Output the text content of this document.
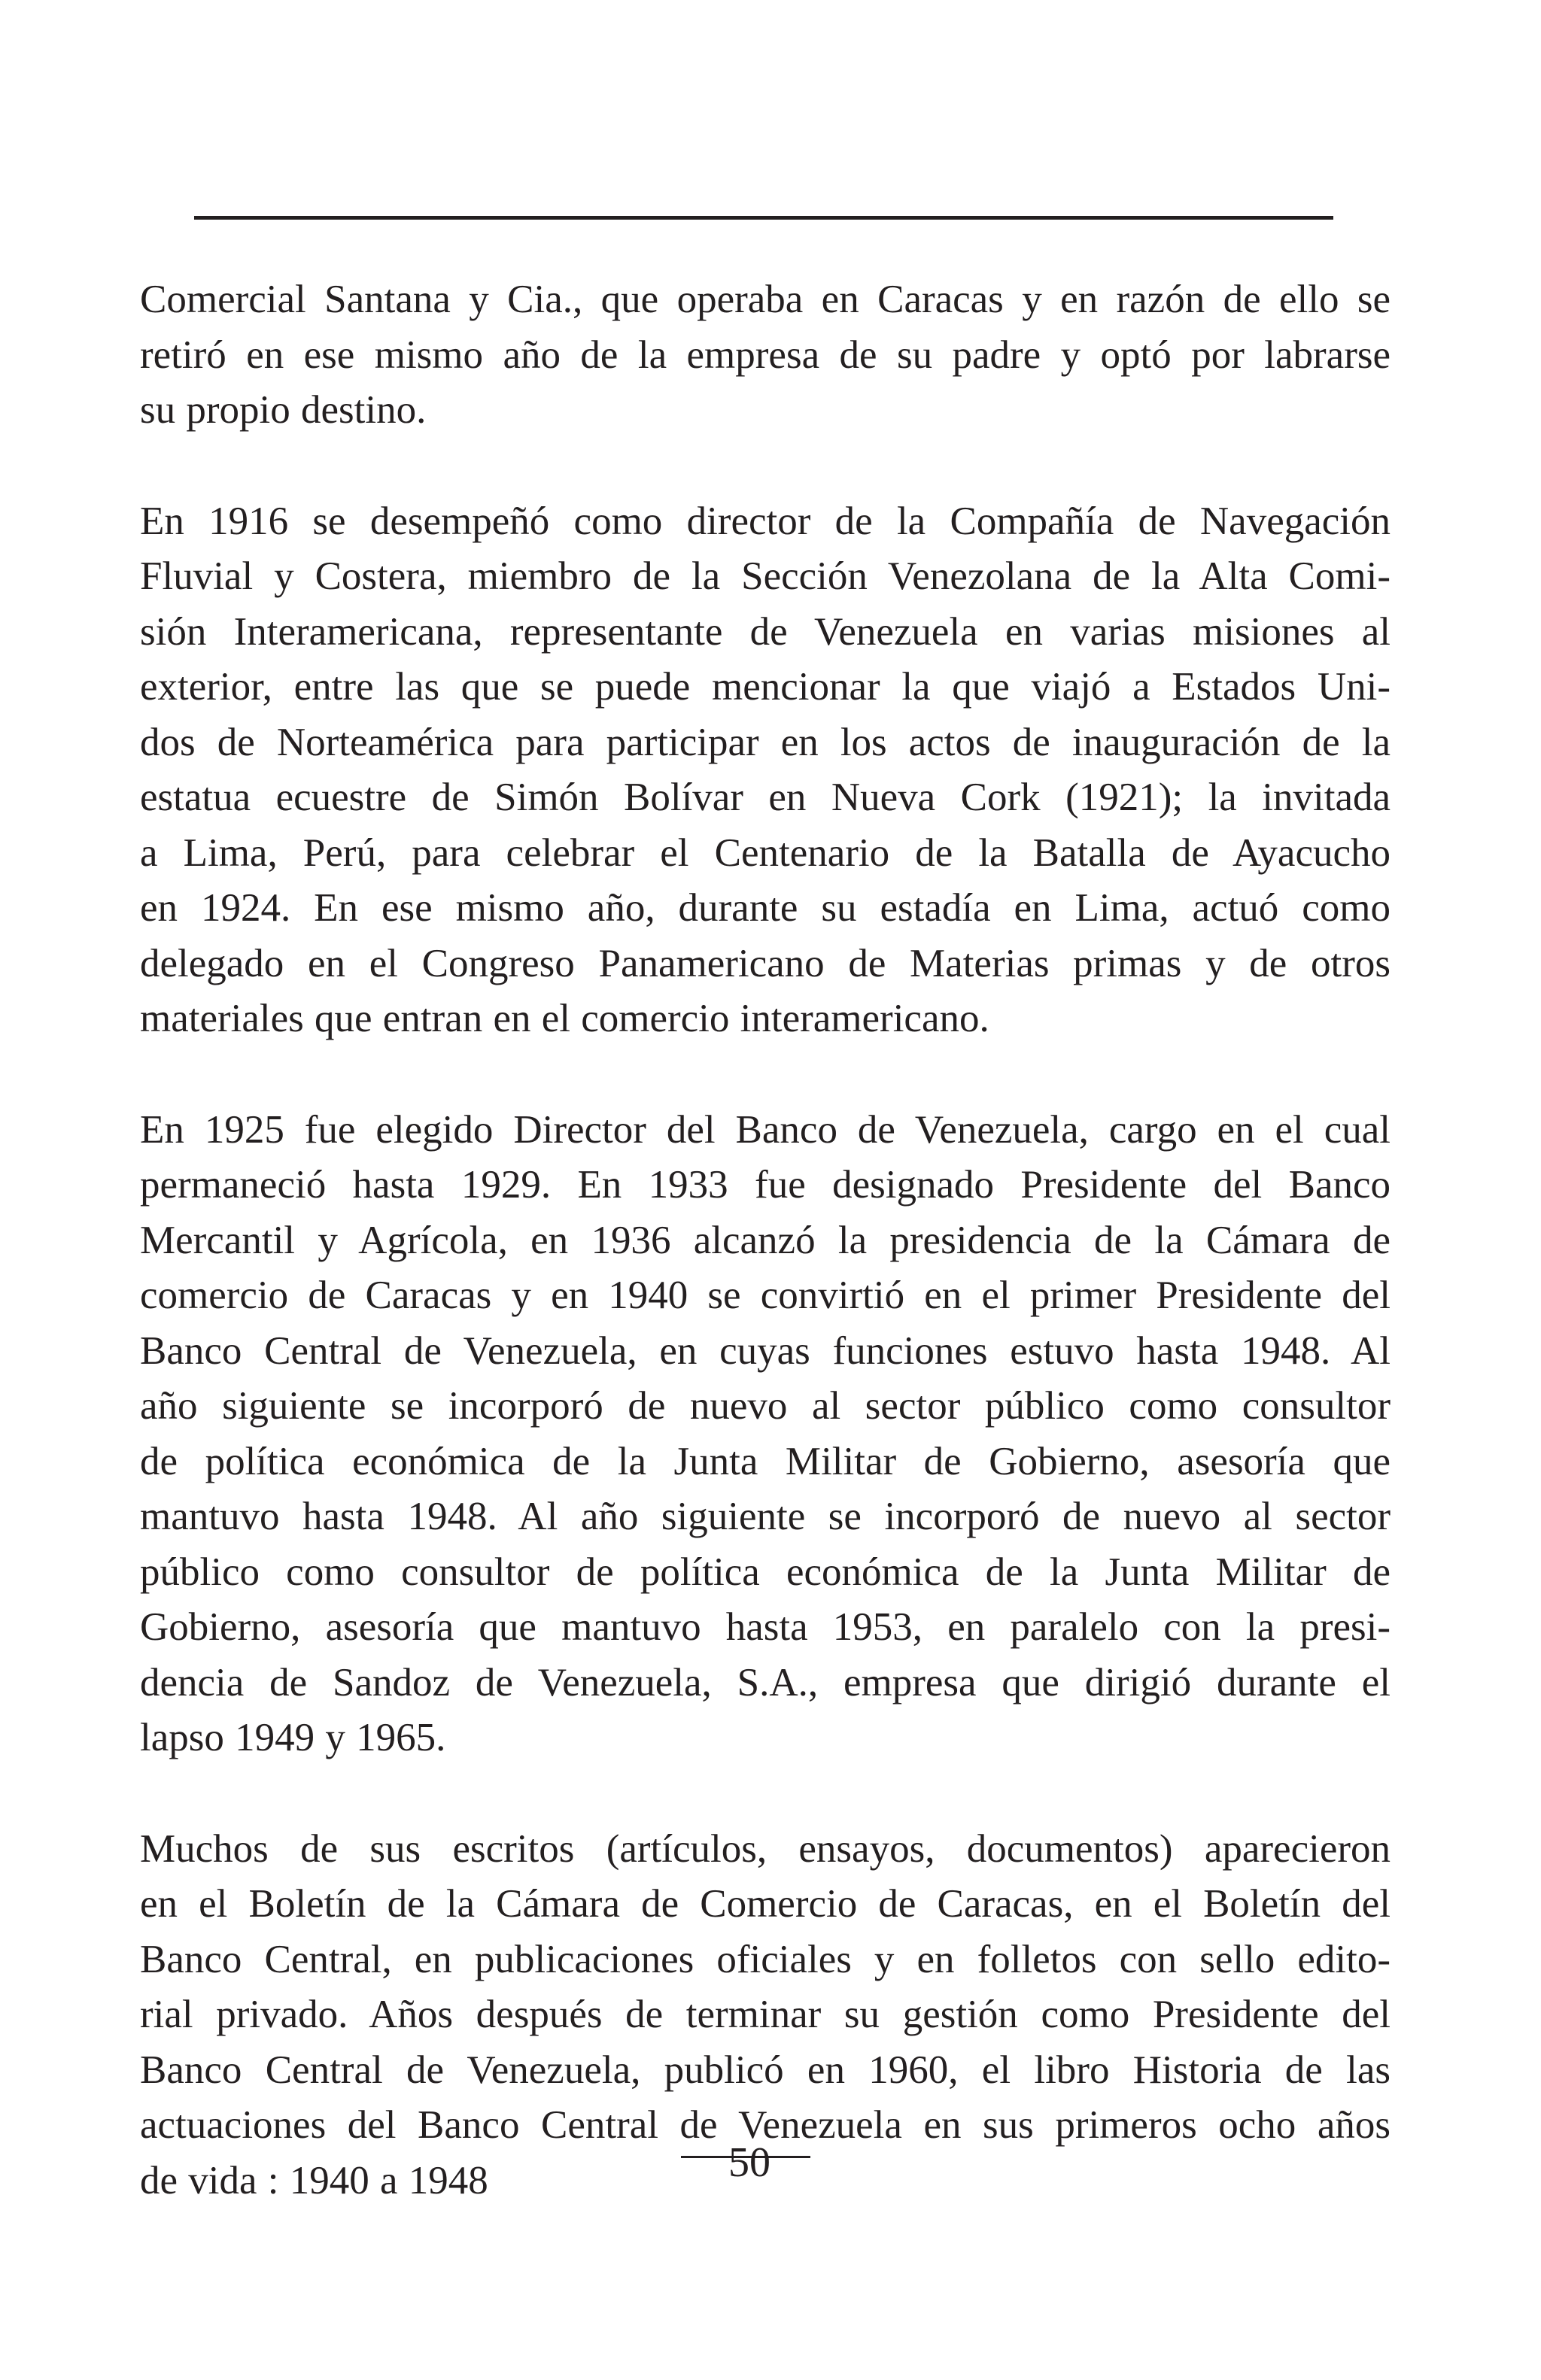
Comercial Santana y Cia., que operaba en Caracas y en razón de ello se
retiró en ese mismo año de la empresa de su padre y optó por labrarse
su propio destino.

En 1916 se desempeñó como director de la Compañía de Navegación
Fluvial y Costera, miembro de la Sección Venezolana de la Alta Comi-
sión Interamericana, representante de Venezuela en varias misiones al
exterior, entre las que se puede mencionar la que viajó a Estados Uni-
dos de Norteamérica para participar en los actos de inauguración de la
estatua ecuestre de Simón Bolívar en Nueva Cork (1921); la invitada
a Lima, Perú, para celebrar el Centenario de la Batalla de Ayacucho
en 1924. En ese mismo año, durante su estadía en Lima, actuó como
delegado en el Congreso Panamericano de Materias primas y de otros
materiales que entran en el comercio interamericano.

En 1925 fue elegido Director del Banco de Venezuela, cargo en el cual
permaneció hasta 1929. En 1933 fue designado Presidente del Banco
Mercantil y Agrícola, en 1936 alcanzó la presidencia de la Cámara de
comercio de Caracas y en 1940 se convirtió en el primer Presidente del
Banco Central de Venezuela, en cuyas funciones estuvo hasta 1948. Al
año siguiente se incorporó de nuevo al sector público como consultor
de política económica de la Junta Militar de Gobierno, asesoría que
mantuvo hasta 1948. Al año siguiente se incorporó de nuevo al sector
público como consultor de política económica de la Junta Militar de
Gobierno, asesoría que mantuvo hasta 1953, en paralelo con la presi-
dencia de Sandoz de Venezuela, S.A., empresa que dirigió durante el
lapso 1949 y 1965.

Muchos de sus escritos (artículos, ensayos, documentos) aparecieron
en el Boletín de la Cámara de Comercio de Caracas, en el Boletín del
Banco Central, en publicaciones oficiales y en folletos con sello edito-
rial privado. Años después de terminar su gestión como Presidente del
Banco Central de Venezuela, publicó en 1960, el libro Historia de las
actuaciones del Banco Central de Venezuela en sus primeros ocho años
de vida : 1940 a 1948	50
